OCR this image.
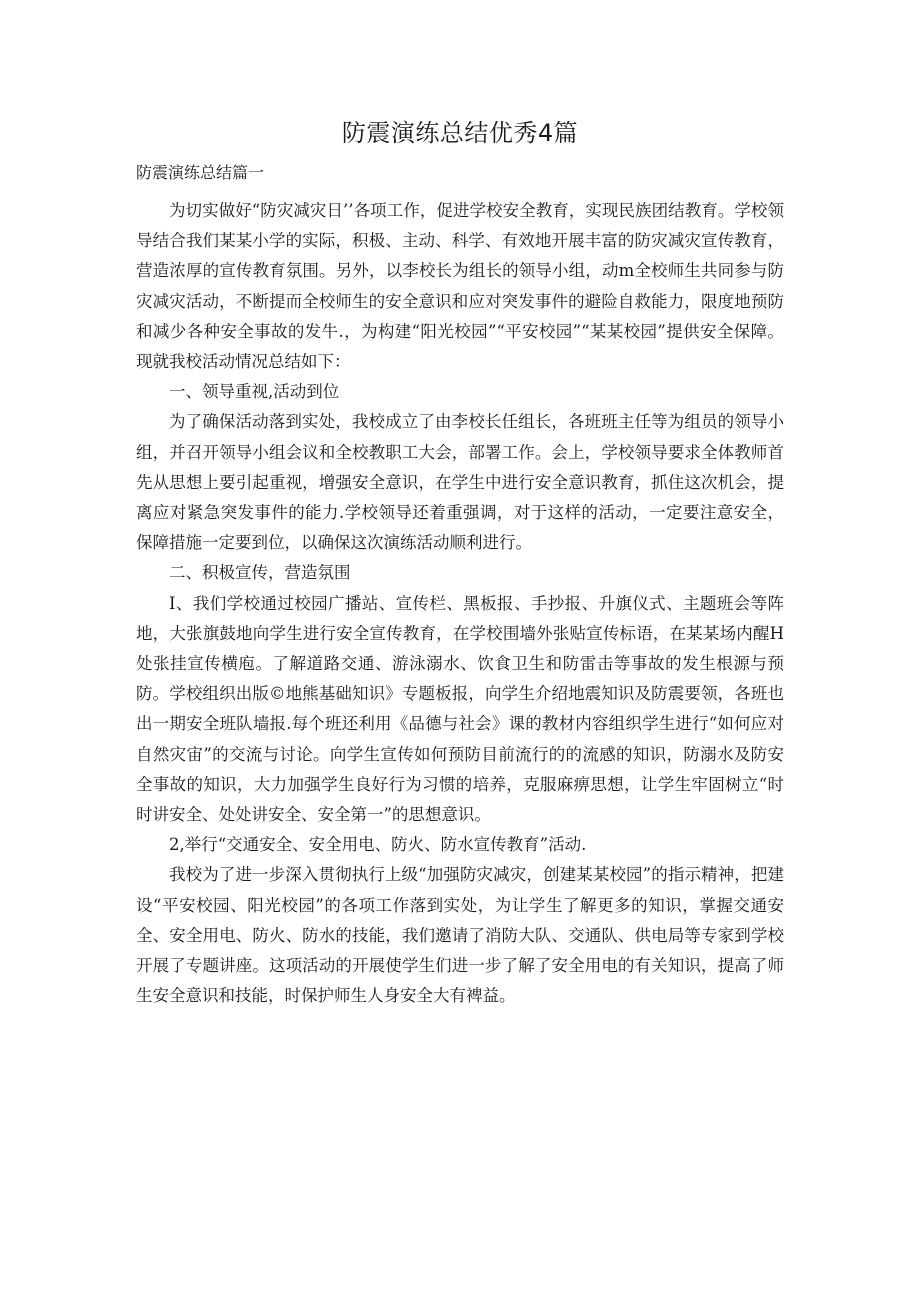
防震演练总结优秀4篇
防震演练总结篇一

为切实做好“防灾减灾日’’各项工作，促进学校安全教育，实现民族团结教育。学校领导结合我们某某小学的实际，积极、主动、科学、有效地开展丰富的防灾减灾宣传教育，营造浓厚的宣传教育氛围。另外，以李校长为组长的领导小组，动m全校师生共同参与防灾减灾活动，不断提而全校师生的安全意识和应对突发事件的避险自救能力，限度地预防和减少各种安全事故的发牛.，为构建“阳光校园”“平安校园”“某某校园”提供安全保障。现就我校活动情况总结如下：

一、领导重视,活动到位

为了确保活动落到实处，我校成立了由李校长任组长，各班班主任等为组员的领导小组，并召开领导小组会议和全校教职工大会，部署工作。会上，学校领导要求全体教师首先从思想上要引起重视，增强安全意识，在学生中进行安全意识教育，抓住这次机会，提离应对紧急突发事件的能力.学校领导还着重强调，对于这样的活动，一定要注意安全，保障措施一定要到位，以确保这次演练活动顺利进行。

二、积极宣传，营造氛围

I、我们学校通过校园广播站、宣传栏、黑板报、手抄报、升旗仪式、主题班会等阵地，大张旗鼓地向学生进行安全宣传教育，在学校围墙外张贴宣传标语，在某某场内醒H处张挂宣传横庖。了解道路交通、游泳溺水、饮食卫生和防雷击等事故的发生根源与预防。学校组织出版©地熊基础知识》专题板报，向学生介绍地震知识及防震要领，各班也出一期安全班队墙报.每个班还利用《品德与社会》课的教材内容组织学生进行“如何应对自然灾宙”的交流与讨论。向学生宣传如何预防目前流行的的流感的知识，防溺水及防安全事故的知识，大力加强学生良好行为习惯的培养，克服麻痹思想，让学生牢固树立“时时讲安全、处处讲安全、安全第一”的思想意识。

2,举行“交通安全、安全用电、防火、防水宣传教育”活动.

我校为了进一步深入贯彻执行上级“加强防灾减灾，创建某某校园”的指示精神，把建设“平安校园、阳光校园”的各项工作落到实处，为让学生了解更多的知识，掌握交通安全、安全用电、防火、防水的技能，我们邀请了消防大队、交通队、供电局等专家到学校开展了专题讲座。这项活动的开展使学生们进一步了解了安全用电的有关知识，提高了师生安全意识和技能，时保护师生人身安全大有裨益。
